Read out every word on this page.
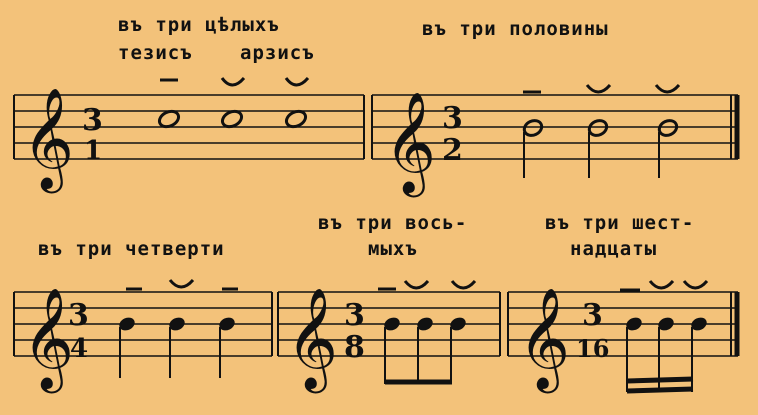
въ три цѣлыхъ
тезисъ арзисъ
въ три половины
въ три четверти
въ три вось-
мыхъ
въ три шест-
надцаты
𝄞 3
1	𝄞 3
2
𝄞
3
4 𝄞 3
8 𝄞 3
16
